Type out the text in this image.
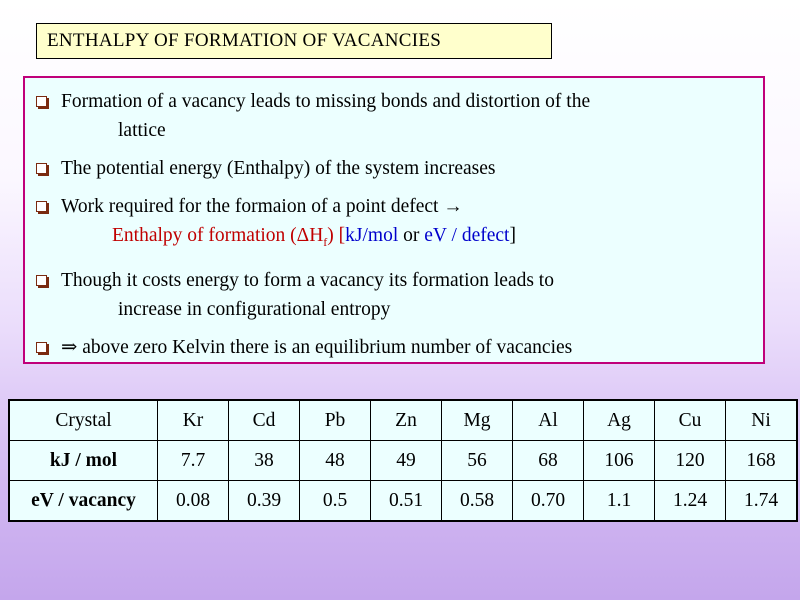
ENTHALPY OF FORMATION OF VACANCIES
Formation of a vacancy leads to missing bonds and distortion of the
lattice
The potential energy (Enthalpy) of the system increases
Work required for the formaion of a point defect →
Enthalpy of formation $(\Delta H_f)$ [kJ/mol or eV / defect]
Though it costs energy to form a vacancy its formation leads to
increase in configurational entropy
⇒ above zero Kelvin there is an equilibrium number of vacancies
Crystal	Kr	Cd	Pb	Zn	Mg	Al	Ag	Cu	Ni
kJ / mol	7.7	38	48	49	56	68	106	120	168
eV / vacancy	0.08	0.39	0.5	0.51	0.58	0.70	1.1	1.24	1.74
